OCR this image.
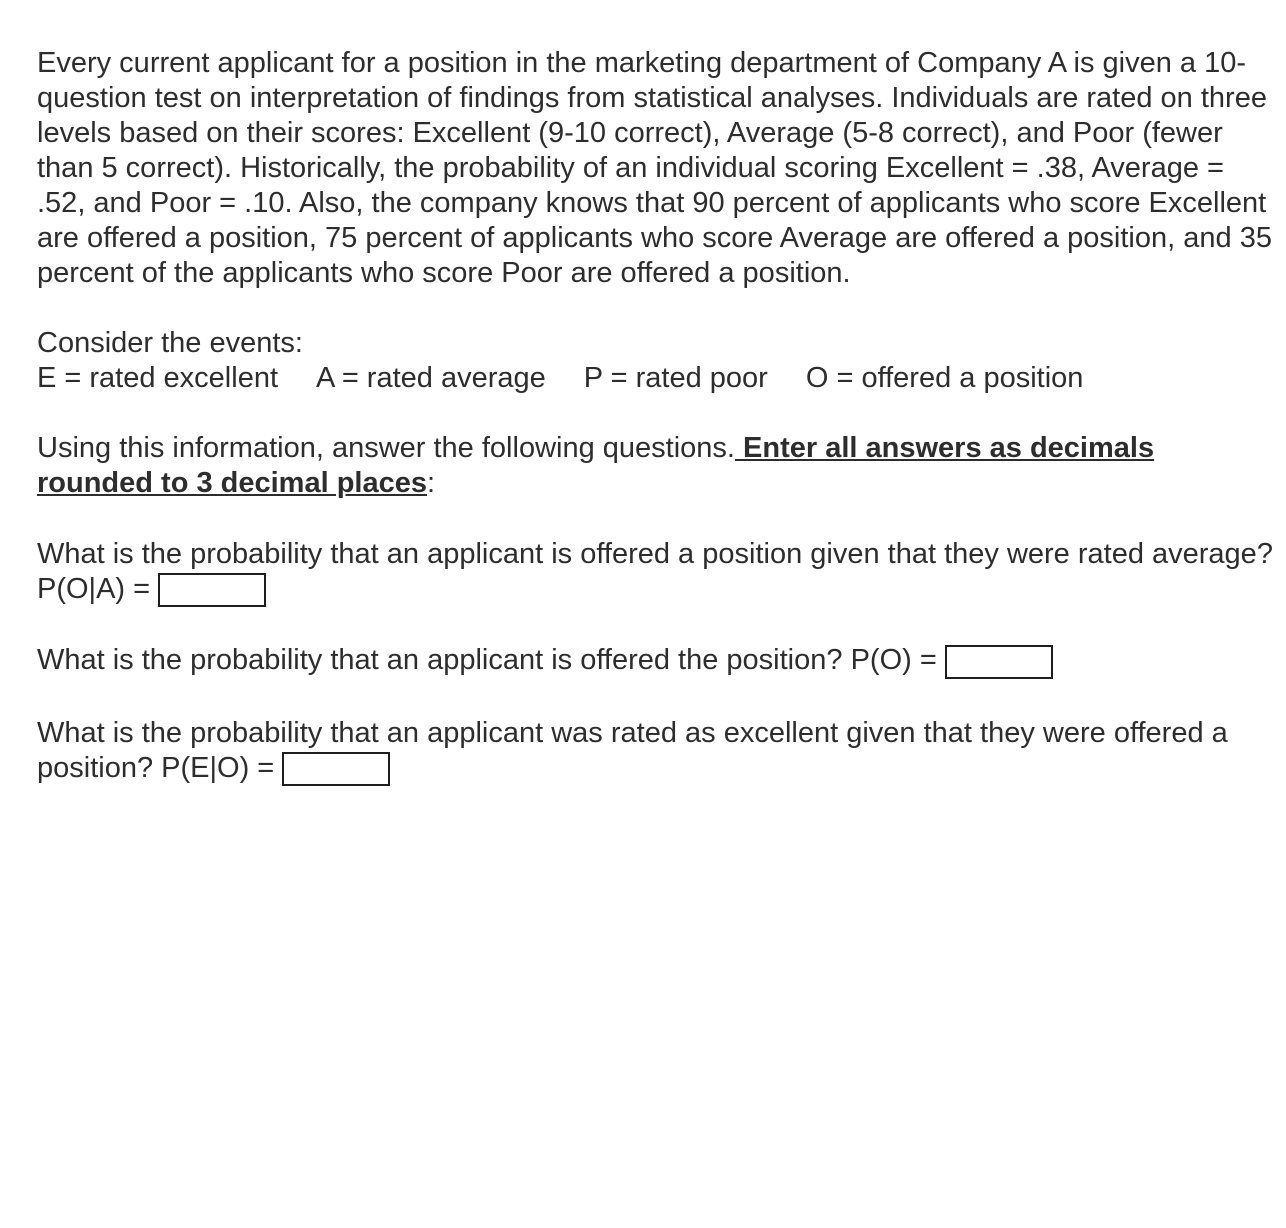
Every current applicant for a position in the marketing department of Company A is given a 10-question test on interpretation of findings from statistical analyses. Individuals are rated on three levels based on their scores: Excellent (9-10 correct), Average (5-8 correct), and Poor (fewer than 5 correct). Historically, the probability of an individual scoring Excellent = .38, Average = .52, and Poor = .10. Also, the company knows that 90 percent of applicants who score Excellent are offered a position, 75 percent of applicants who score Average are offered a position, and 35 percent of the applicants who score Poor are offered a position.

Consider the events:

E = rated excellent A = rated average P = rated poor O = offered a position

Using this information, answer the following questions. Enter all answers as decimals rounded to 3 decimal places:

What is the probability that an applicant is offered a position given that they were rated average? P(O|A) =

What is the probability that an applicant is offered the position? P(O) =

What is the probability that an applicant was rated as excellent given that they were offered a position? P(E|O) =
